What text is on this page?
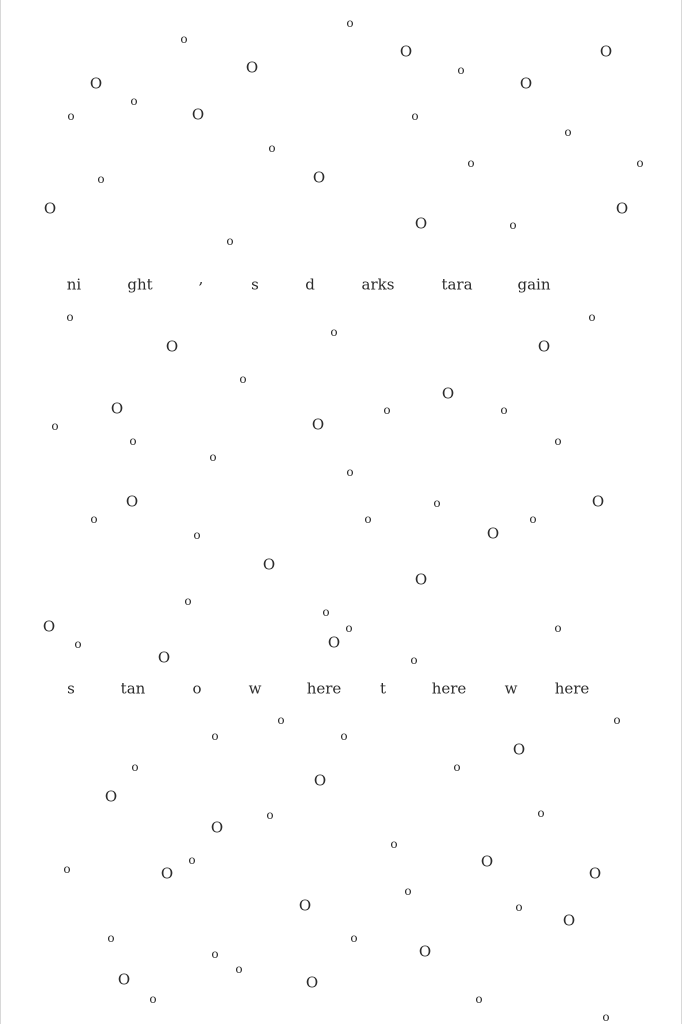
o
o
O	O
O	o
O	O
o
O
o	o
o
o
o	o
O
o
O	O
O	o
o
ni	ght	,	s	d	arks	tara	gain
o	o
o
O	O
o
O
O	o	o
O
o
o	o
o
o
O	O
o
o	o	o
O
o
O
O
o
o
O	o	o
O
o
O	o
s	tan	o	w	here	t	here	w here
o	o
o	o
O
o	o
O
O
o	o
O
o
o	O
o	O	O
o
O	o
O
o	o
O
o
o
O	O
o	o
o
